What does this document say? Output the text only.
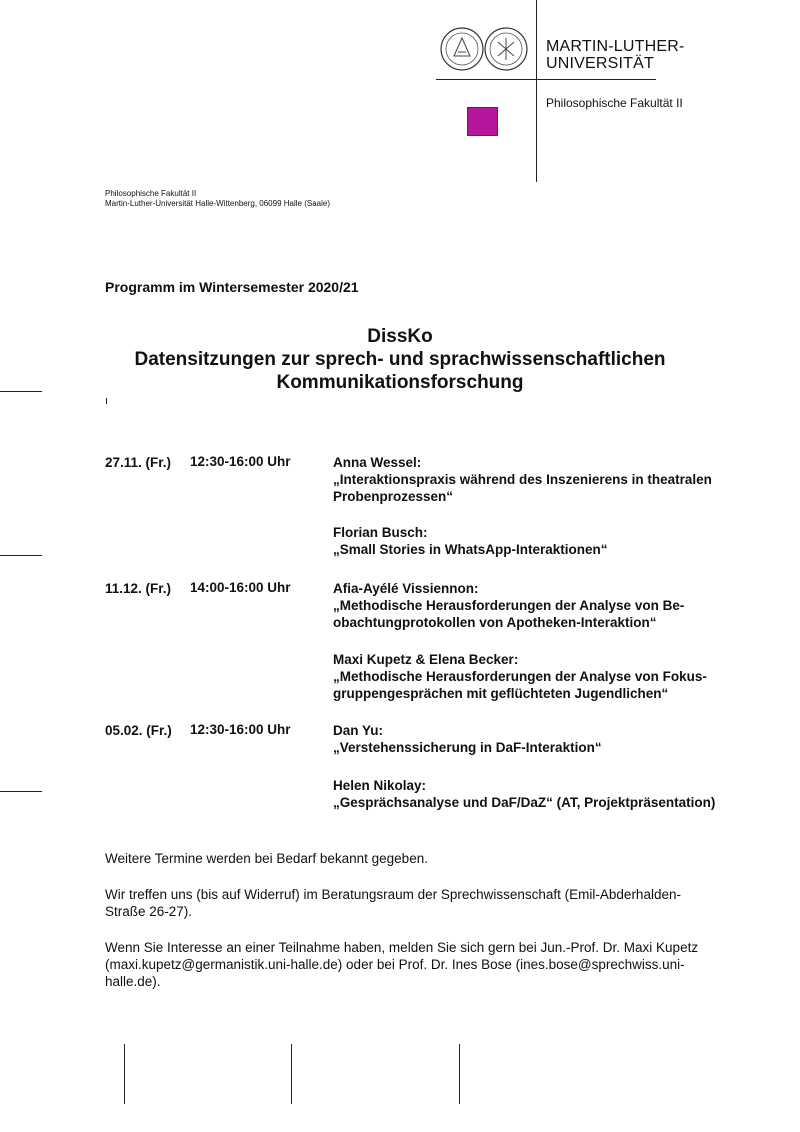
MARTIN-LUTHER-
UNIVERSITÄT
Philosophische Fakultät II
Philosophische Fakultät II
Martin-Luther-Universität Halle-Wittenberg, 06099 Halle (Saale)
Programm im Wintersemester 2020/21
DissKo
Datensitzungen zur sprech- und sprachwissenschaftlichen
Kommunikationsforschung
27.11. (Fr.) 12:30-16:00 Uhr	Anna Wessel:
„Interaktionspraxis während des Inszenierens in theatralen
Probenprozessen“
Florian Busch:
„Small Stories in WhatsApp-Interaktionen“
11.12. (Fr.) 14:00-16:00 Uhr	Afia-Ayélé Vissiennon:
„Methodische Herausforderungen der Analyse von Be-
obachtungprotokollen von Apotheken-Interaktion“
Maxi Kupetz & Elena Becker:
„Methodische Herausforderungen der Analyse von Fokus-
gruppengesprächen mit geflüchteten Jugendlichen“
05.02. (Fr.) 12:30-16:00 Uhr	Dan Yu:
„Verstehenssicherung in DaF-Interaktion“
Helen Nikolay:
„Gesprächsanalyse und DaF/DaZ“ (AT, Projektpräsentation)
Weitere Termine werden bei Bedarf bekannt gegeben.
Wir treffen uns (bis auf Widerruf) im Beratungsraum der Sprechwissenschaft (Emil-Abderhalden-
Straße 26-27).
Wenn Sie Interesse an einer Teilnahme haben, melden Sie sich gern bei Jun.-Prof. Dr. Maxi Kupetz
(maxi.kupetz@germanistik.uni-halle.de) oder bei Prof. Dr. Ines Bose (ines.bose@sprechwiss.uni-
halle.de).
